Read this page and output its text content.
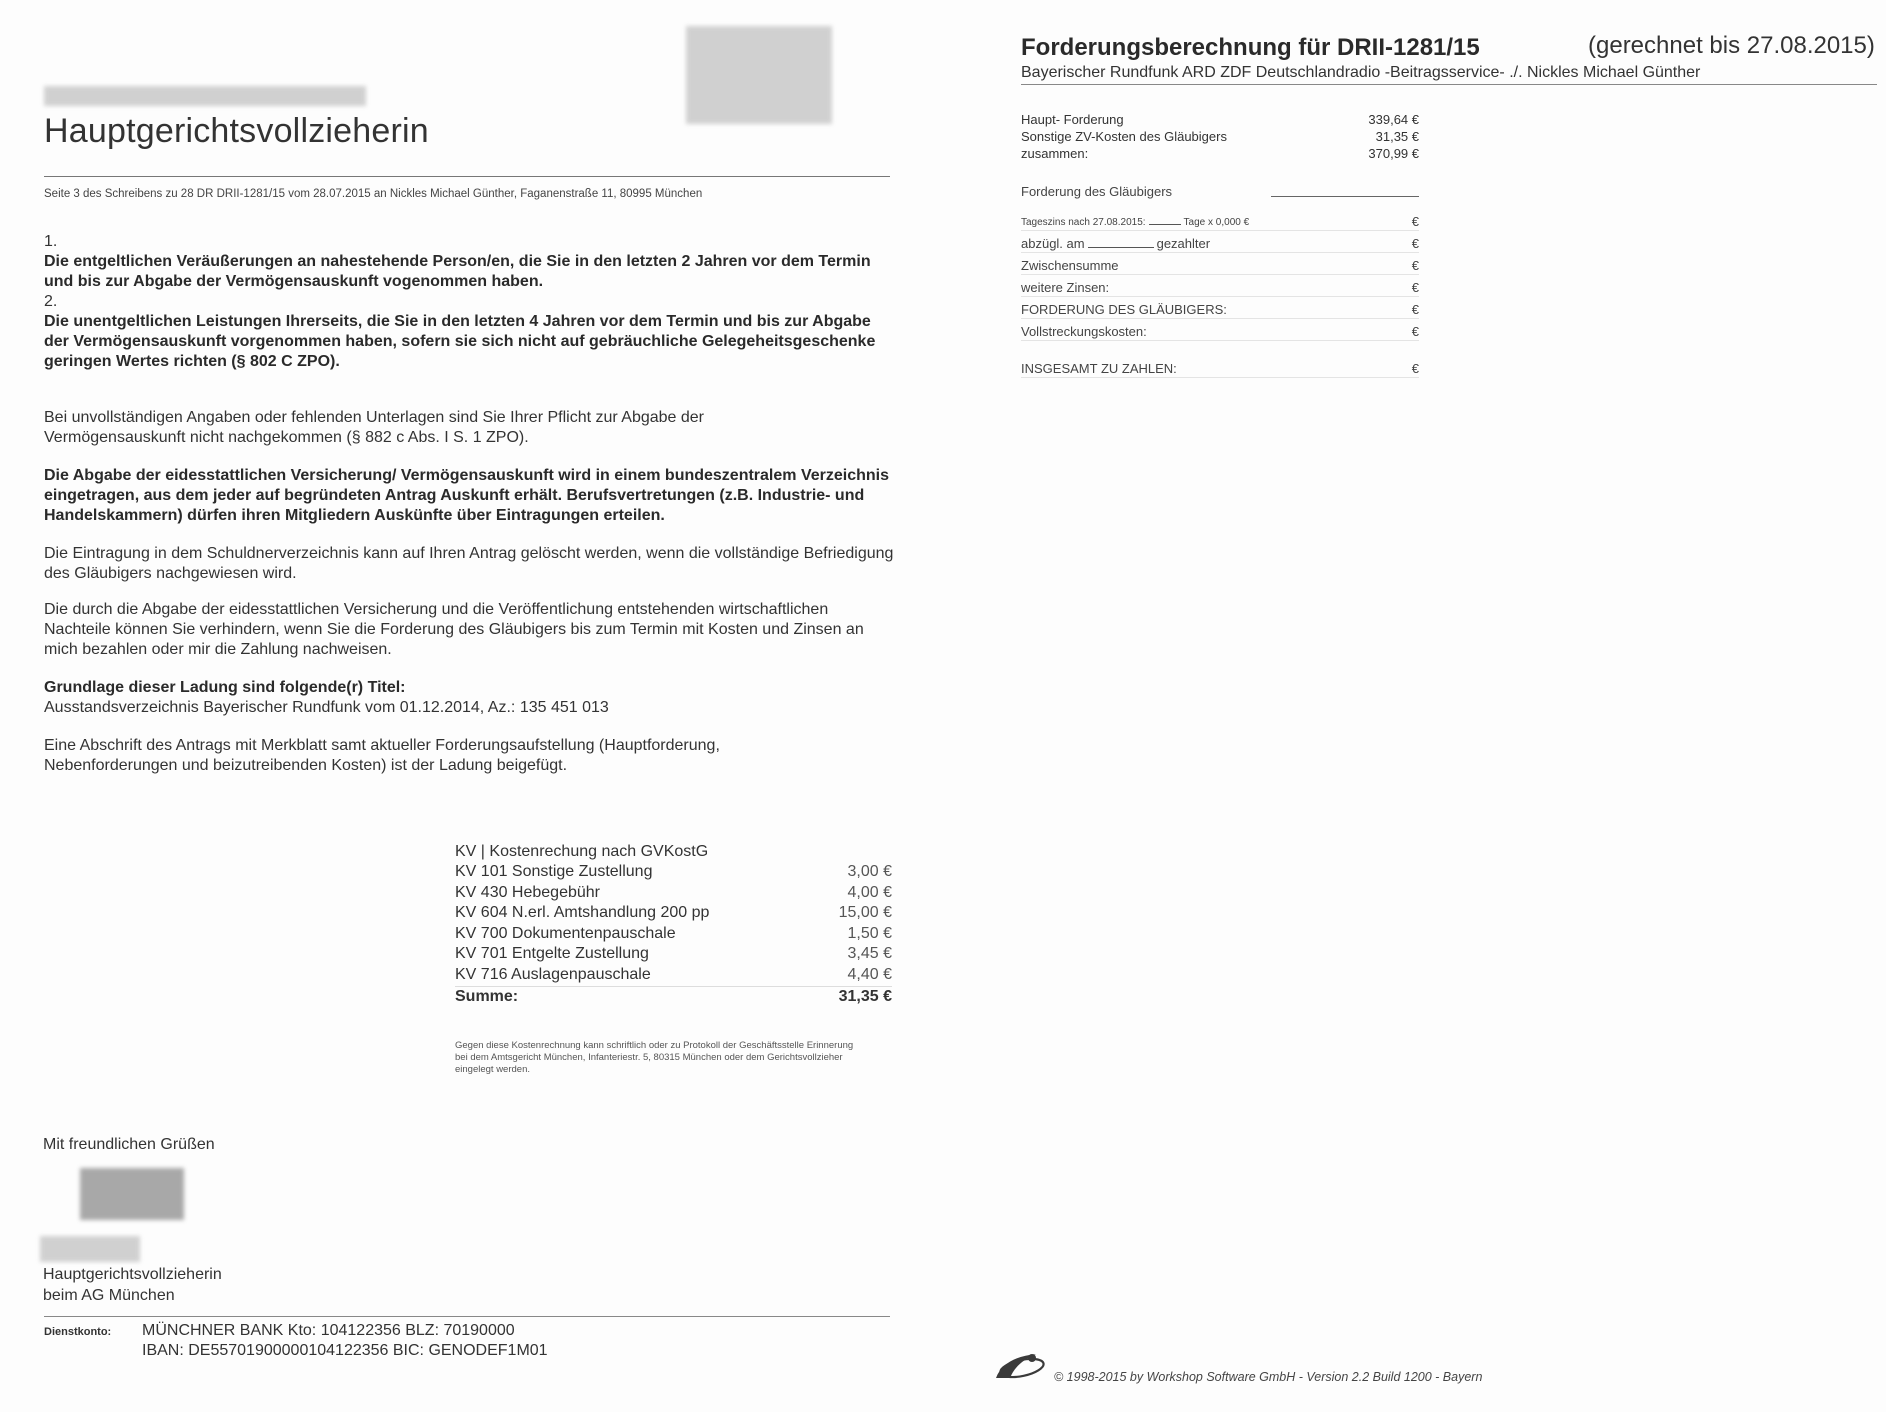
Hauptgerichtsvollzieherin
Seite 3 des Schreibens zu 28 DR DRII-1281/15 vom 28.07.2015 an Nickles Michael Günther, Faganenstraße 11, 80995 München
1.
Die entgeltlichen Veräußerungen an nahestehende Person/en, die Sie in den letzten 2 Jahren vor dem Termin und bis zur Abgabe der Vermögensauskunft vogenommen haben.
2.
Die unentgeltlichen Leistungen Ihrerseits, die Sie in den letzten 4 Jahren vor dem Termin und bis zur Abgabe der Vermögensauskunft vorgenommen haben, sofern sie sich nicht auf gebräuchliche Gelegeheitsgeschenke geringen Wertes richten (§ 802 C ZPO).
Bei unvollständigen Angaben oder fehlenden Unterlagen sind Sie Ihrer Pflicht zur Abgabe der Vermögensauskunft nicht nachgekommen (§ 882 c Abs. I S. 1 ZPO).
Die Abgabe der eidesstattlichen Versicherung/ Vermögensauskunft wird in einem bundeszentralem Verzeichnis eingetragen, aus dem jeder auf begründeten Antrag Auskunft erhält. Berufsvertretungen (z.B. Industrie- und Handelskammern) dürfen ihren Mitgliedern Auskünfte über Eintragungen erteilen.
Die Eintragung in dem Schuldnerverzeichnis kann auf Ihren Antrag gelöscht werden, wenn die vollständige Befriedigung des Gläubigers nachgewiesen wird.
Die durch die Abgabe der eidesstattlichen Versicherung und die Veröffentlichung entstehenden wirtschaftlichen Nachteile können Sie verhindern, wenn Sie die Forderung des Gläubigers bis zum Termin mit Kosten und Zinsen an mich bezahlen oder mir die Zahlung nachweisen.
Grundlage dieser Ladung sind folgende(r) Titel:
Ausstandsverzeichnis Bayerischer Rundfunk vom 01.12.2014, Az.: 135 451 013
Eine Abschrift des Antrags mit Merkblatt samt aktueller Forderungsaufstellung (Hauptforderung, Nebenforderungen und beizutreibenden Kosten) ist der Ladung beigefügt.
KV | Kostenrechung nach GVKostG
KV 101 Sonstige Zustellung	3,00 €
KV 430 Hebegebühr	4,00 €
KV 604 N.erl. Amtshandlung 200 pp	15,00 €
KV 700 Dokumentenpauschale	1,50 €
KV 701 Entgelte Zustellung	3,45 €
KV 716 Auslagenpauschale	4,40 €
Summe:	31,35 €
Gegen diese Kostenrechnung kann schriftlich oder zu Protokoll der Geschäftsstelle Erinnerung bei dem Amtsgericht München, Infanteriestr. 5, 80315 München oder dem Gerichtsvollzieher eingelegt werden.
Mit freundlichen Grüßen
Hauptgerichtsvollzieherin
beim AG München
Dienstkonto: MÜNCHNER BANK Kto: 104122356 BLZ: 70190000
IBAN: DE55701900000104122356 BIC: GENODEF1M01
Forderungsberechnung für DRII-1281/15	(gerechnet bis 27.08.2015)
Bayerischer Rundfunk ARD ZDF Deutschlandradio -Beitragsservice- ./. Nickles Michael Günther
Haupt- Forderung	339,64 €
Sonstige ZV-Kosten des Gläubigers	31,35 €
zusammen:	370,99 €
Forderung des Gläubigers
Tageszins nach 27.08.2015:	Tage x 0,000 €	€
abzügl. am	gezahlter	€
Zwischensumme	€
weitere Zinsen:	€
FORDERUNG DES GLÄUBIGERS:	€
Vollstreckungskosten:	€
INSGESAMT ZU ZAHLEN:	€
© 1998-2015 by Workshop Software GmbH - Version 2.2 Build 1200 - Bayern
